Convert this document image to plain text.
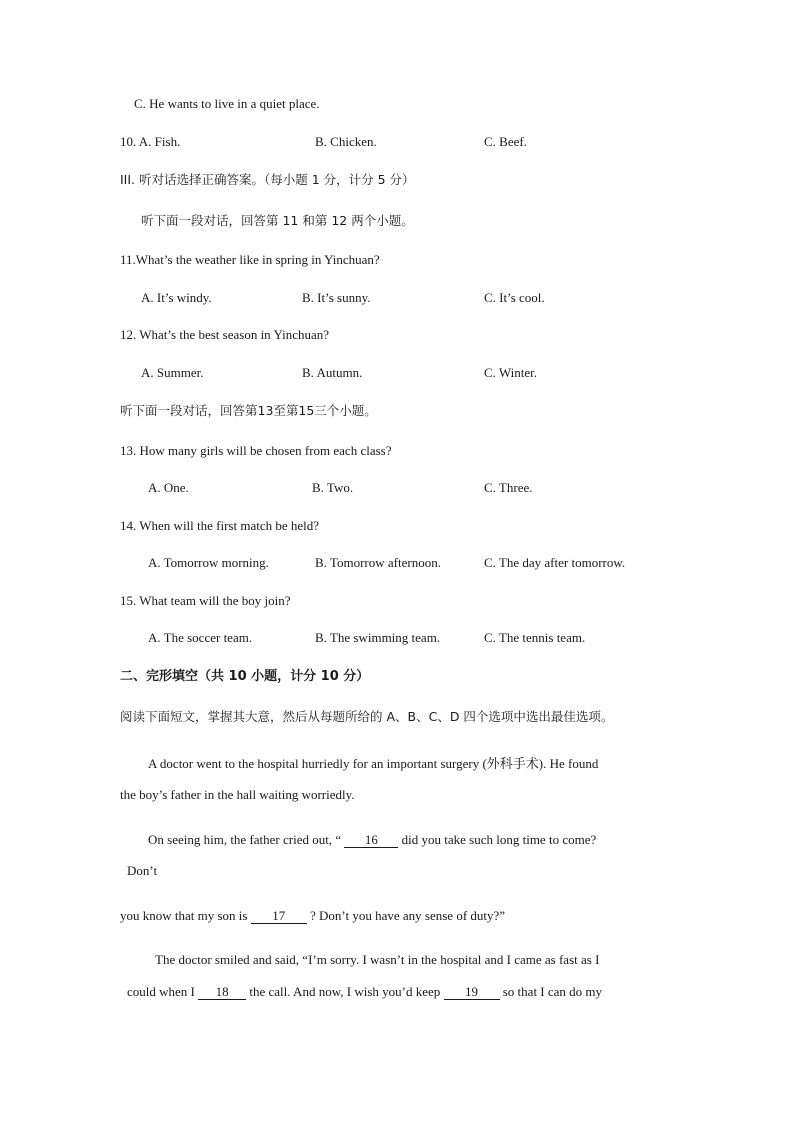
C. He wants to live in a quiet place.
10. A. Fish.	B. Chicken.	C. Beef.
III. 听对话选择正确答案。（每小题 1 分，计分 5 分）
听下面一段对话，回答第 11 和第 12 两个小题。
11.What’s the weather like in spring in Yinchuan?
A. It’s windy.	B. It’s sunny.	C. It’s cool.
12. What’s the best season in Yinchuan?
A. Summer.	B. Autumn.	C. Winter.
听下面一段对话，回答第13至第15三个小题。
13. How many girls will be chosen from each class?
A. One.	B. Two.	C. Three.
14. When will the first match be held?
A. Tomorrow morning.	B. Tomorrow afternoon.	C. The day after tomorrow.
15. What team will the boy join?
A. The soccer team.	B. The swimming team.	C. The tennis team.
二、完形填空（共 10 小题，计分 10 分）
阅读下面短文，掌握其大意，然后从每题所给的 A、B、C、D 四个选项中选出最佳选项。
A doctor went to the hospital hurriedly for an important surgery (外科手术). He found
the boy’s father in the hall waiting worriedly.
On seeing him, the father cried out, “ 16 did you take such long time to come?
Don’t
you know that my son is 17 ? Don’t you have any sense of duty?”
The doctor smiled and said, “I’m sorry. I wasn’t in the hospital and I came as fast as I
could when I 18 the call. And now, I wish you’d keep 19 so that I can do my
